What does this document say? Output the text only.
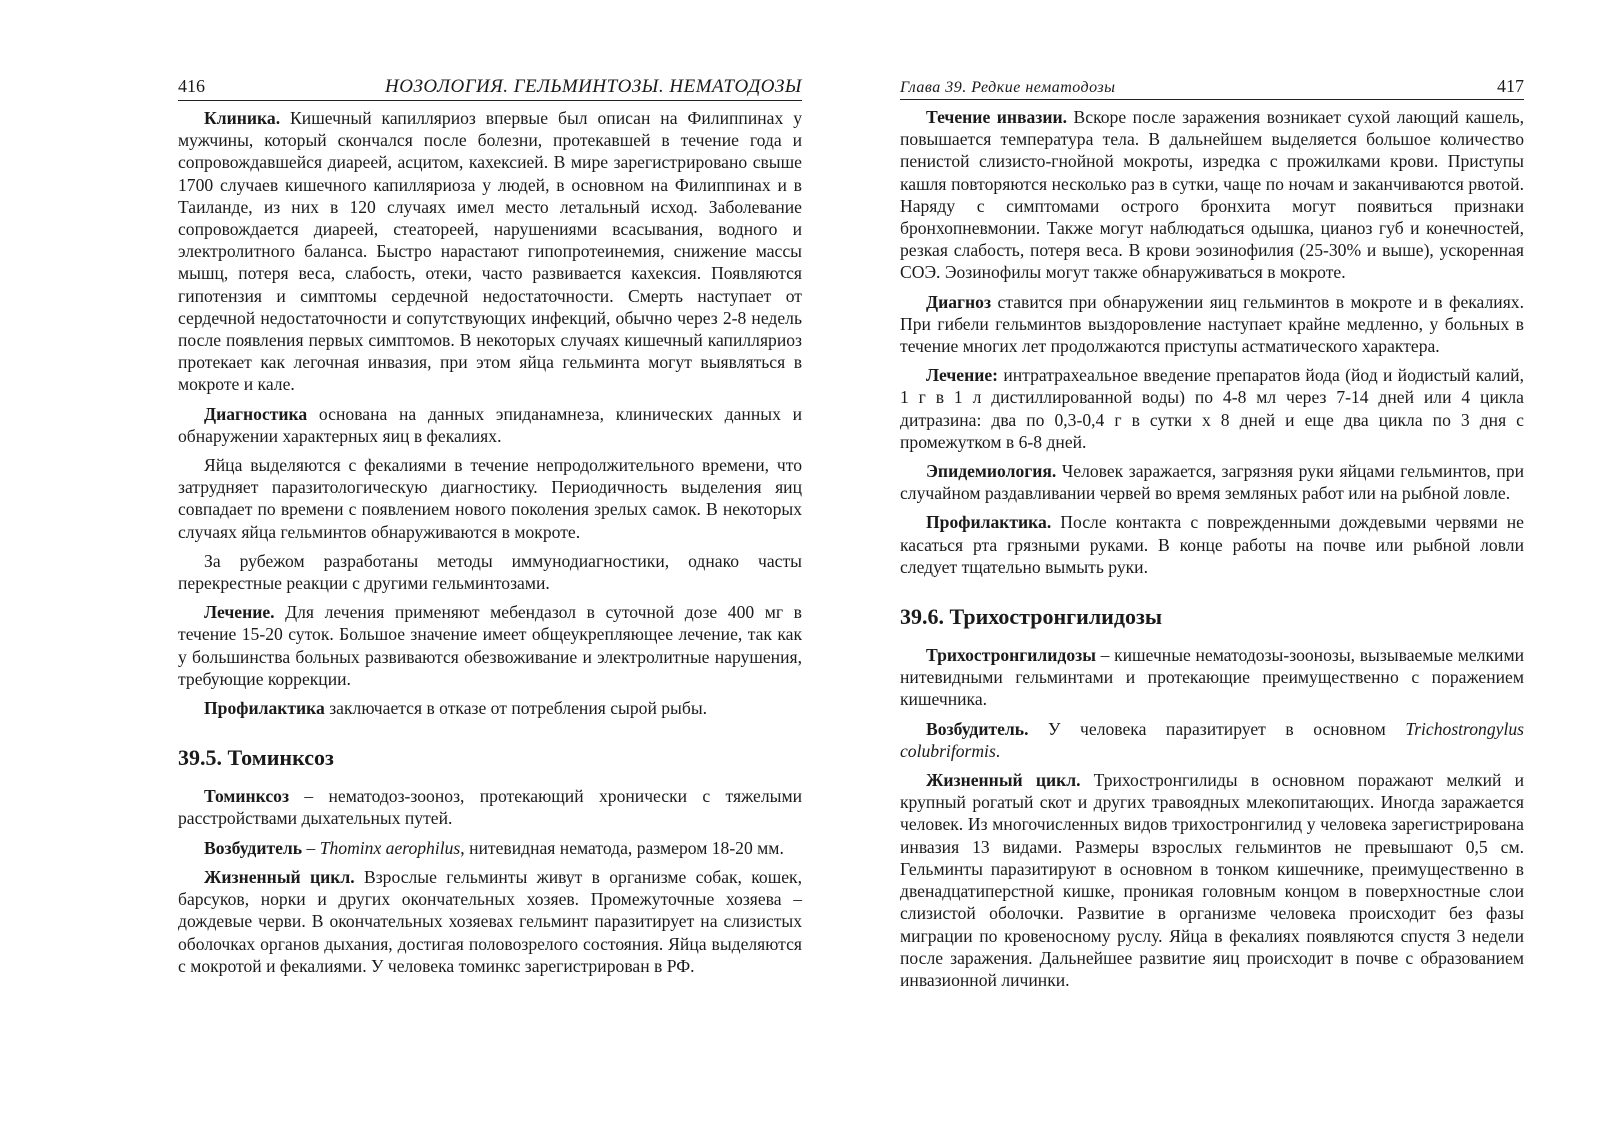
416	НОЗОЛОГИЯ. ГЕЛЬМИНТОЗЫ. НЕМАТОДОЗЫ

Клиника. Кишечный капилляриоз впервые был описан на Филиппинах у мужчины, который скончался после болезни, протекавшей в течение года и сопровождавшейся диареей, асцитом, кахексией. В мире зарегистрировано свыше 1700 случаев кишечного капилляриоза у людей, в основном на Филиппинах и в Таиланде, из них в 120 случаях имел место летальный исход. Заболевание сопровождается диареей, стеатореей, нарушениями всасывания, водного и электролитного баланса. Быстро нарастают гипопротеинемия, снижение массы мышц, потеря веса, слабость, отеки, часто развивается кахексия. Появляются гипотензия и симптомы сердечной недостаточности. Смерть наступает от сердечной недостаточности и сопутствующих инфекций, обычно через 2-8 недель после появления первых симптомов. В некоторых случаях кишечный капилляриоз протекает как легочная инвазия, при этом яйца гельминта могут выявляться в мокроте и кале.

Диагностика основана на данных эпиданамнеза, клинических данных и обнаружении характерных яиц в фекалиях.

Яйца выделяются с фекалиями в течение непродолжительного времени, что затрудняет паразитологическую диагностику. Периодичность выделения яиц совпадает по времени с появлением нового поколения зрелых самок. В некоторых случаях яйца гельминтов обнаруживаются в мокроте.

За рубежом разработаны методы иммунодиагностики, однако часты перекрестные реакции с другими гельминтозами.

Лечение. Для лечения применяют мебендазол в суточной дозе 400 мг в течение 15-20 суток. Большое значение имеет общеукрепляющее лечение, так как у большинства больных развиваются обезвоживание и электролитные нарушения, требующие коррекции.

Профилактика заключается в отказе от потребления сырой рыбы.

39.5. Томинксоз

Томинксоз – нематодоз-зооноз, протекающий хронически с тяжелыми расстройствами дыхательных путей.

Возбудитель – Thominx aerophilus, нитевидная нематода, размером 18-20 мм.

Жизненный цикл. Взрослые гельминты живут в организме собак, кошек, барсуков, норки и других окончательных хозяев. Промежуточные хозяева – дождевые черви. В окончательных хозяевах гельминт паразитирует на слизистых оболочках органов дыхания, достигая половозрелого состояния. Яйца выделяются с мокротой и фекалиями. У человека томинкс зарегистрирован в РФ.

Глава 39. Редкие нематодозы	417

Течение инвазии. Вскоре после заражения возникает сухой лающий кашель, повышается температура тела. В дальнейшем выделяется большое количество пенистой слизисто-гнойной мокроты, изредка с прожилками крови. Приступы кашля повторяются несколько раз в сутки, чаще по ночам и заканчиваются рвотой. Наряду с симптомами острого бронхита могут появиться признаки бронхопневмонии. Также могут наблюдаться одышка, цианоз губ и конечностей, резкая слабость, потеря веса. В крови эозинофилия (25-30% и выше), ускоренная СОЭ. Эозинофилы могут также обнаруживаться в мокроте.

Диагноз ставится при обнаружении яиц гельминтов в мокроте и в фекалиях. При гибели гельминтов выздоровление наступает крайне медленно, у больных в течение многих лет продолжаются приступы астматического характера.

Лечение: интратрахеальное введение препаратов йода (йод и йодистый калий, 1 г в 1 л дистиллированной воды) по 4-8 мл через 7-14 дней или 4 цикла дитразина: два по 0,3-0,4 г в сутки х 8 дней и еще два цикла по 3 дня с промежутком в 6-8 дней.

Эпидемиология. Человек заражается, загрязняя руки яйцами гельминтов, при случайном раздавливании червей во время земляных работ или на рыбной ловле.

Профилактика. После контакта с поврежденными дождевыми червями не касаться рта грязными руками. В конце работы на почве или рыбной ловли следует тщательно вымыть руки.

39.6. Трихостронгилидозы

Трихостронгилидозы – кишечные нематодозы-зоонозы, вызываемые мелкими нитевидными гельминтами и протекающие преимущественно с поражением кишечника.

Возбудитель. У человека паразитирует в основном Trichostrongylus colubriformis.

Жизненный цикл. Трихостронгилиды в основном поражают мелкий и крупный рогатый скот и других травоядных млекопитающих. Иногда заражается человек. Из многочисленных видов трихостронгилид у человека зарегистрирована инвазия 13 видами. Размеры взрослых гельминтов не превышают 0,5 см. Гельминты паразитируют в основном в тонком кишечнике, преимущественно в двенадцатиперстной кишке, проникая головным концом в поверхностные слои слизистой оболочки. Развитие в организме человека происходит без фазы миграции по кровеносному руслу. Яйца в фекалиях появляются спустя 3 недели после заражения. Дальнейшее развитие яиц происходит в почве с образованием инвазионной личинки.
